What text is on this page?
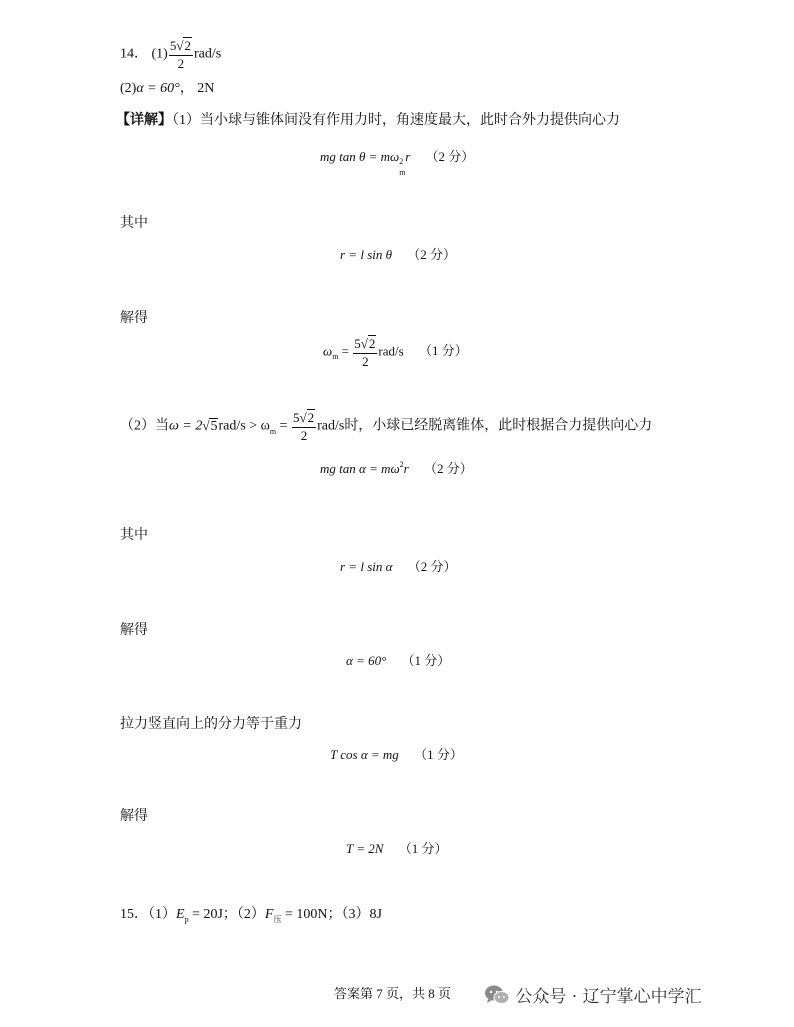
14． $(1) \frac{5√2}{2} rad/s$
(2)α = 60°， 2N
【详解】（1）当小球与锥体间没有作用力时，角速度最大，此时合外力提供向心力
mg tan θ = mω 2
m
r （2 分）
其中
r = l sin θ （2 分）
解得
$\omega_m = \frac{5√2}{2} rad/s$ （1 分）
（2）当$\omega = 2√5rad/s > \omega_m = \frac{5√2}{2} rad/s$时，小球已经脱离锥体，此时根据合力提供向心力
mg $\tan \alpha = m\omega^2r$ （2 分）
其中
r = l sin α （2 分）
解得
α = 60° （1 分）
拉力竖直向上的分力等于重力
T cos α = mg （1 分）
解得
T = 2N （1 分）
15．$(1)E_p = 20J$；$(2)F_压 = 100N$；（3）8J
答案第 7 页，共 8 页	公众号 · 辽宁掌心中学汇
